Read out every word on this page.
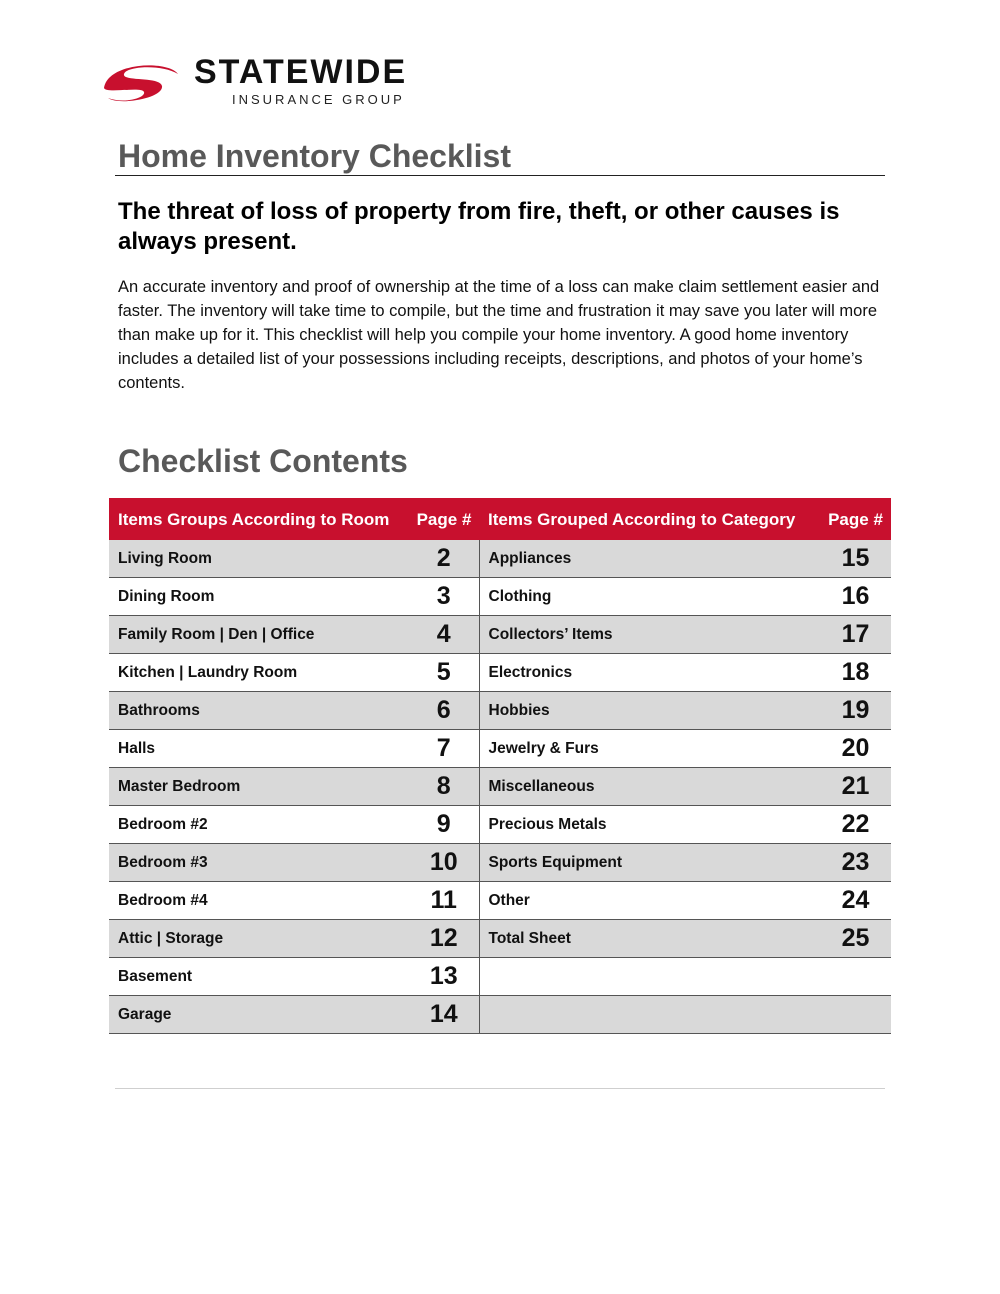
STATEWIDE
INSURANCE GROUP
Home Inventory Checklist

The threat of loss of property from fire, theft, or other causes is always present.

An accurate inventory and proof of ownership at the time of a loss can make claim settlement easier and faster. The inventory will take time to compile, but the time and frustration it may save you later will more than make up for it. This checklist will help you compile your home inventory. A good home inventory includes a detailed list of your possessions including receipts, descriptions, and photos of your home’s contents.

Checklist Contents
Items Groups According to Room	Page #	Items Grouped According to Category	Page #
Living Room	2	Appliances	15
Dining Room	3	Clothing	16
Family Room | Den | Office	4	Collectors’ Items	17
Kitchen | Laundry Room	5	Electronics	18
Bathrooms	6	Hobbies	19
Halls	7	Jewelry & Furs	20
Master Bedroom	8	Miscellaneous	21
Bedroom #2	9	Precious Metals	22
Bedroom #3	10	Sports Equipment	23
Bedroom #4	11	Other	24
Attic | Storage	12	Total Sheet	25
Basement	13		
Garage	14		
